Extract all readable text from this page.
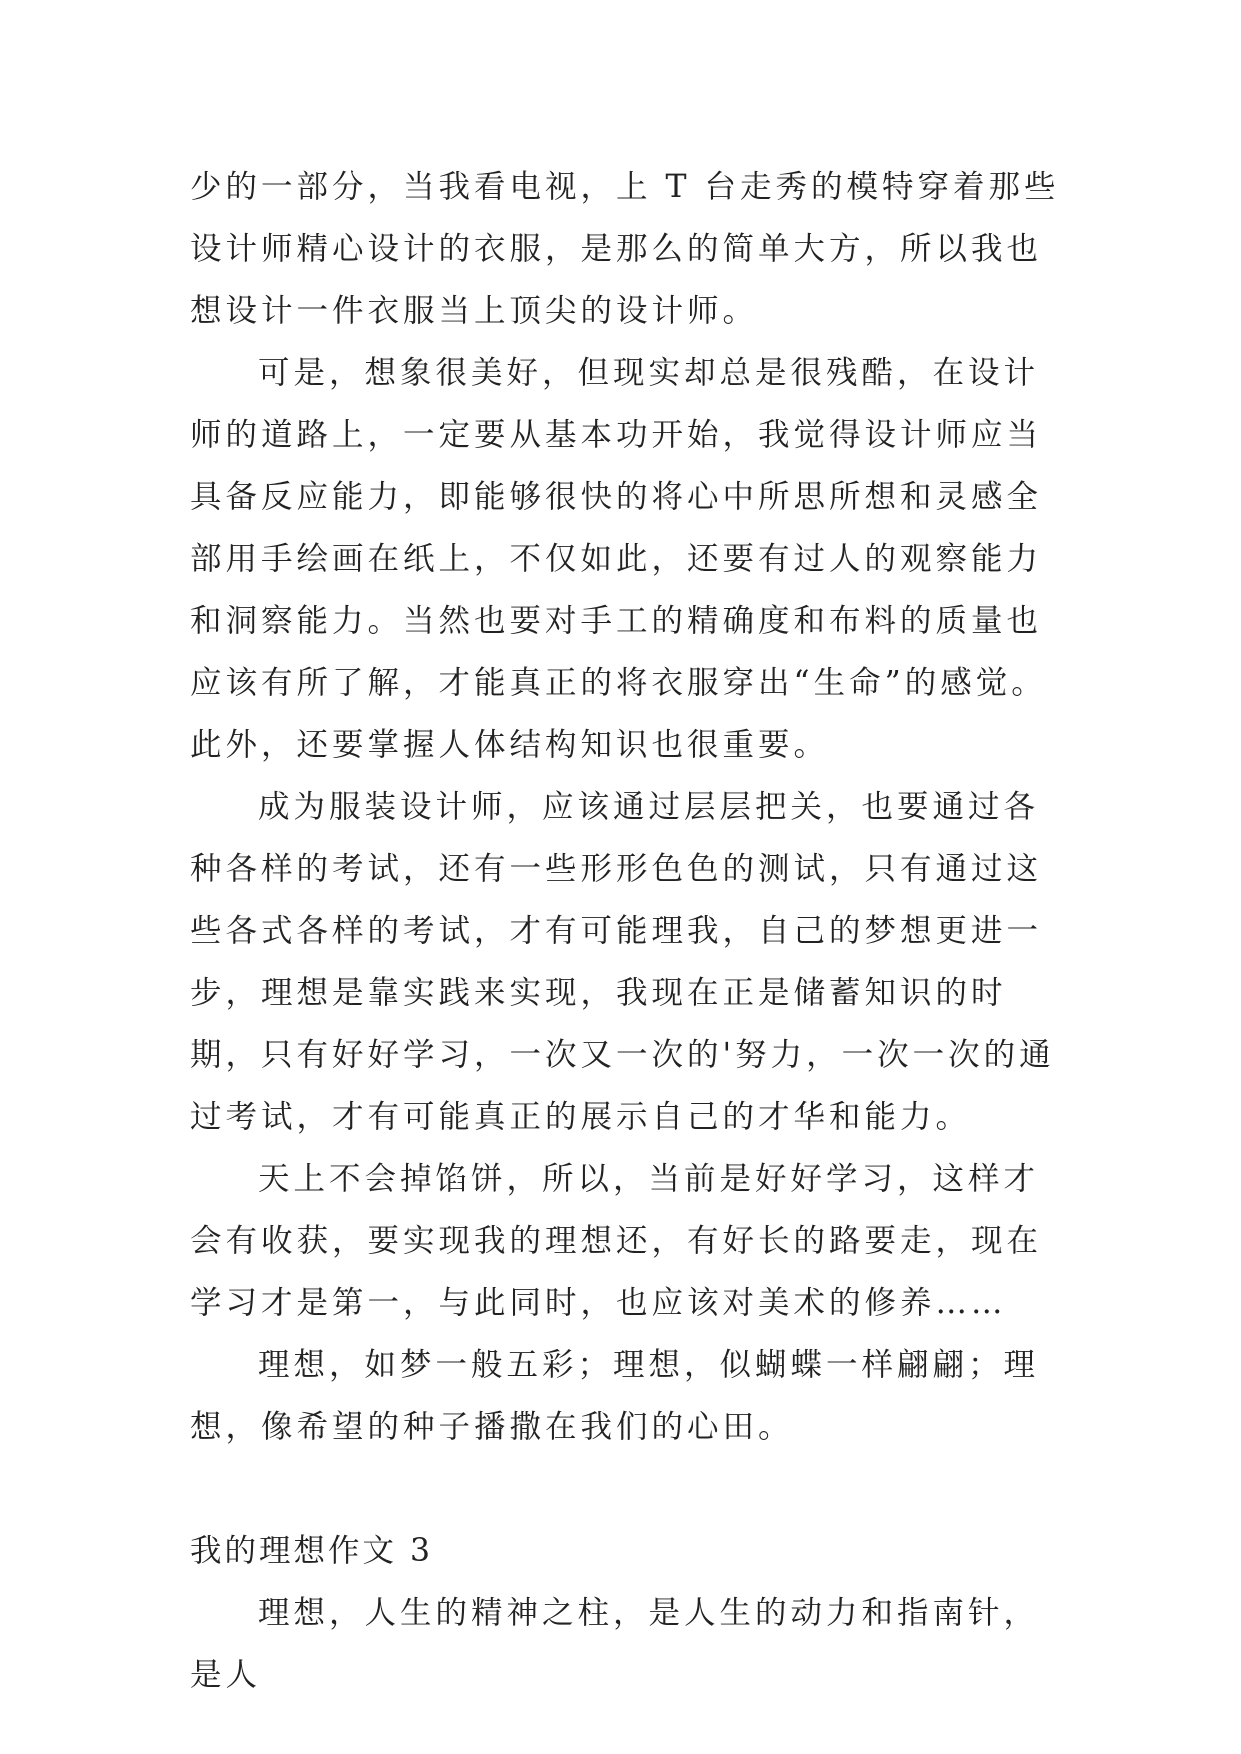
少的一部分，当我看电视，上 T 台走秀的模特穿着那些设计师精心设计的衣服，是那么的简单大方，所以我也想设计一件衣服当上顶尖的设计师。

可是，想象很美好，但现实却总是很残酷，在设计师的道路上，一定要从基本功开始，我觉得设计师应当具备反应能力，即能够很快的将心中所思所想和灵感全部用手绘画在纸上，不仅如此，还要有过人的观察能力和洞察能力。当然也要对手工的精确度和布料的质量也应该有所了解，才能真正的将衣服穿出“生命”的感觉。此外，还要掌握人体结构知识也很重要。

成为服装设计师，应该通过层层把关，也要通过各种各样的考试，还有一些形形色色的测试，只有通过这些各式各样的考试，才有可能理我，自己的梦想更进一步，理想是靠实践来实现，我现在正是储蓄知识的时期，只有好好学习，一次又一次的'努力，一次一次的通过考试，才有可能真正的展示自己的才华和能力。

天上不会掉馅饼，所以，当前是好好学习，这样才会有收获，要实现我的理想还，有好长的路要走，现在学习才是第一，与此同时，也应该对美术的修养……

理想，如梦一般五彩；理想，似蝴蝶一样翩翩；理想，像希望的种子播撒在我们的心田。

我的理想作文 3

理想，人生的精神之柱，是人生的动力和指南针，是人
